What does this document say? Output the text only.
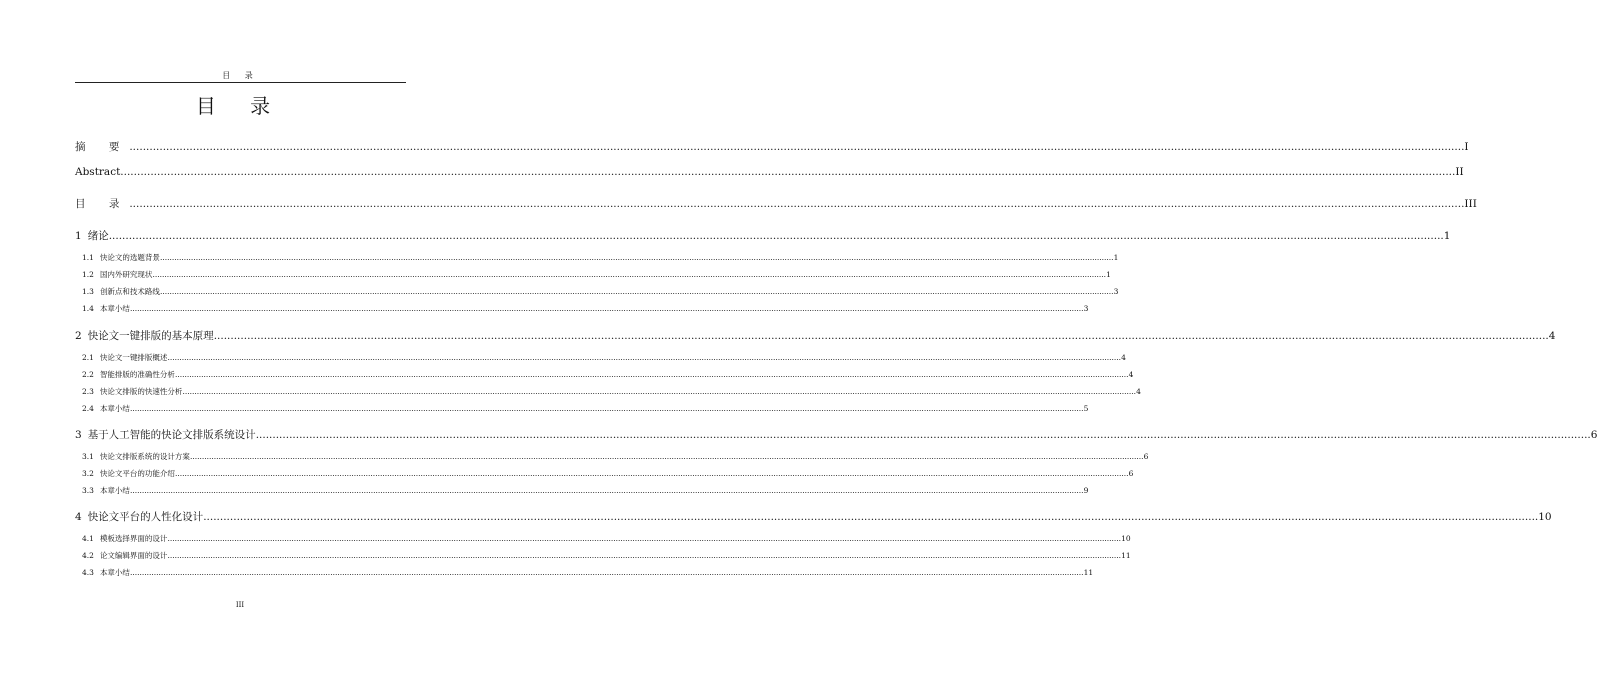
目 录
目 录
摘 要 ................................................................................................................................................................................................................................................................................................................................................................................................................ I
Abstract ................................................................................................................................................................................................................................................................................................................................................................................................................ II
目 录 ................................................................................................................................................................................................................................................................................................................................................................................................................ III
1 绪论 ................................................................................................................................................................................................................................................................................................................................................................................................................ 1
1.1 快论文的选题背景 ................................................................................................................................................................................................................................................................................................................................................................................................................ 1
1.2 国内外研究现状 ................................................................................................................................................................................................................................................................................................................................................................................................................ 1
1.3 创新点和技术路线 ................................................................................................................................................................................................................................................................................................................................................................................................................ 3
1.4 本章小结 ................................................................................................................................................................................................................................................................................................................................................................................................................ 3
2 快论文一键排版的基本原理 ................................................................................................................................................................................................................................................................................................................................................................................................................ 4
2.1 快论文一键排版概述 ................................................................................................................................................................................................................................................................................................................................................................................................................ 4
2.2 智能排版的准确性分析 ................................................................................................................................................................................................................................................................................................................................................................................................................ 4
2.3 快论文排版的快速性分析 ................................................................................................................................................................................................................................................................................................................................................................................................................ 4
2.4 本章小结 ................................................................................................................................................................................................................................................................................................................................................................................................................ 5
3 基于人工智能的快论文排版系统设计 ................................................................................................................................................................................................................................................................................................................................................................................................................ 6
3.1 快论文排版系统的设计方案 ................................................................................................................................................................................................................................................................................................................................................................................................................ 6
3.2 快论文平台的功能介绍 ................................................................................................................................................................................................................................................................................................................................................................................................................ 6
3.3 本章小结 ................................................................................................................................................................................................................................................................................................................................................................................................................ 9
4 快论文平台的人性化设计 ................................................................................................................................................................................................................................................................................................................................................................................................................ 10
4.1 模板选择界面的设计 ................................................................................................................................................................................................................................................................................................................................................................................................................ 10
4.2 论文编辑界面的设计 ................................................................................................................................................................................................................................................................................................................................................................................................................ 11
4.3 本章小结 ................................................................................................................................................................................................................................................................................................................................................................................................................ 11
III
